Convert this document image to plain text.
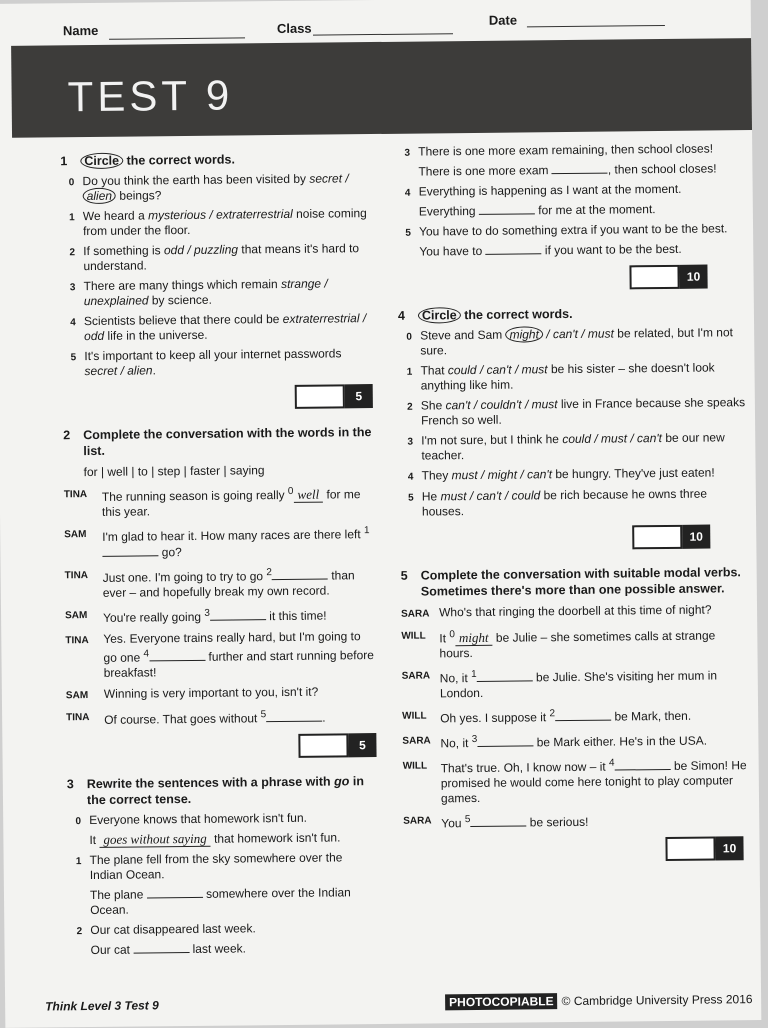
Name	Class
Date
TEST 9
1	Circle the correct words.
0 Do you think the earth has been visited by secret / alien beings?
1 We heard a mysterious / extraterrestrial noise coming from under the floor.
2 If something is odd / puzzling that means it's hard to understand.
3 There are many things which remain strange / unexplained by science.
4 Scientists believe that there could be extraterrestrial / odd life in the universe.
5 It's important to keep all your internet passwords secret / alien.
5
2	Complete the conversation with the words in the list.
for | well | to | step | faster | saying
TINA	The running season is going really $^0$ well for me this year.
SAM	I'm glad to hear it. How many races are there left $^1$ go?
TINA	Just one. I'm going to try to go $^2$	than ever – and hopefully break my own record.
SAM	You're really going $^3$	it this time!
TINA	Yes. Everyone trains really hard, but I'm going to go one $^4$	further and start running before breakfast!
SAM	Winning is very important to you, isn't it?
TINA	Of course. That goes without $^5$	.
5
3	Rewrite the sentences with a phrase with go in the correct tense.
0 Everyone knows that homework isn't fun.
It goes without saying that homework isn't fun.
1 The plane fell from the sky somewhere over the Indian Ocean.
The plane	somewhere over the Indian Ocean.
2 Our cat disappeared last week.
Our cat	last week.
3 There is one more exam remaining, then school closes!
There is one more exam	, then school closes!
4 Everything is happening as I want at the moment.
Everything	for me at the moment.
5 You have to do something extra if you want to be the best.
You have to	if you want to be the best.
10
4	Circle the correct words.
0 Steve and Sam might / can't / must be related, but I'm not sure.
1 That could / can't / must be his sister – she doesn't look anything like him.
2 She can't / couldn't / must live in France because she speaks French so well.
3 I'm not sure, but I think he could / must / can't be our new teacher.
4 They must / might / can't be hungry. They've just eaten!
5 He must / can't / could be rich because he owns three houses.
10
5	Complete the conversation with suitable modal verbs. Sometimes there's more than one possible answer.
SARA Who's that ringing the doorbell at this time of night?
WILL	It $^0$ might be Julie – she sometimes calls at strange hours.
SARA No, it $^1$	be Julie. She's visiting her mum in London.
WILL	Oh yes. I suppose it $^2$	be Mark, then.
SARA No, it $^3$	be Mark either. He's in the USA.
WILL	That's true. Oh, I know now – it $^4$	be Simon! He promised he would come here tonight to play computer games.
SARA You $^5$	be serious!
10
Think Level 3 Test 9	PHOTOCOPIABLE © Cambridge University Press 2016
